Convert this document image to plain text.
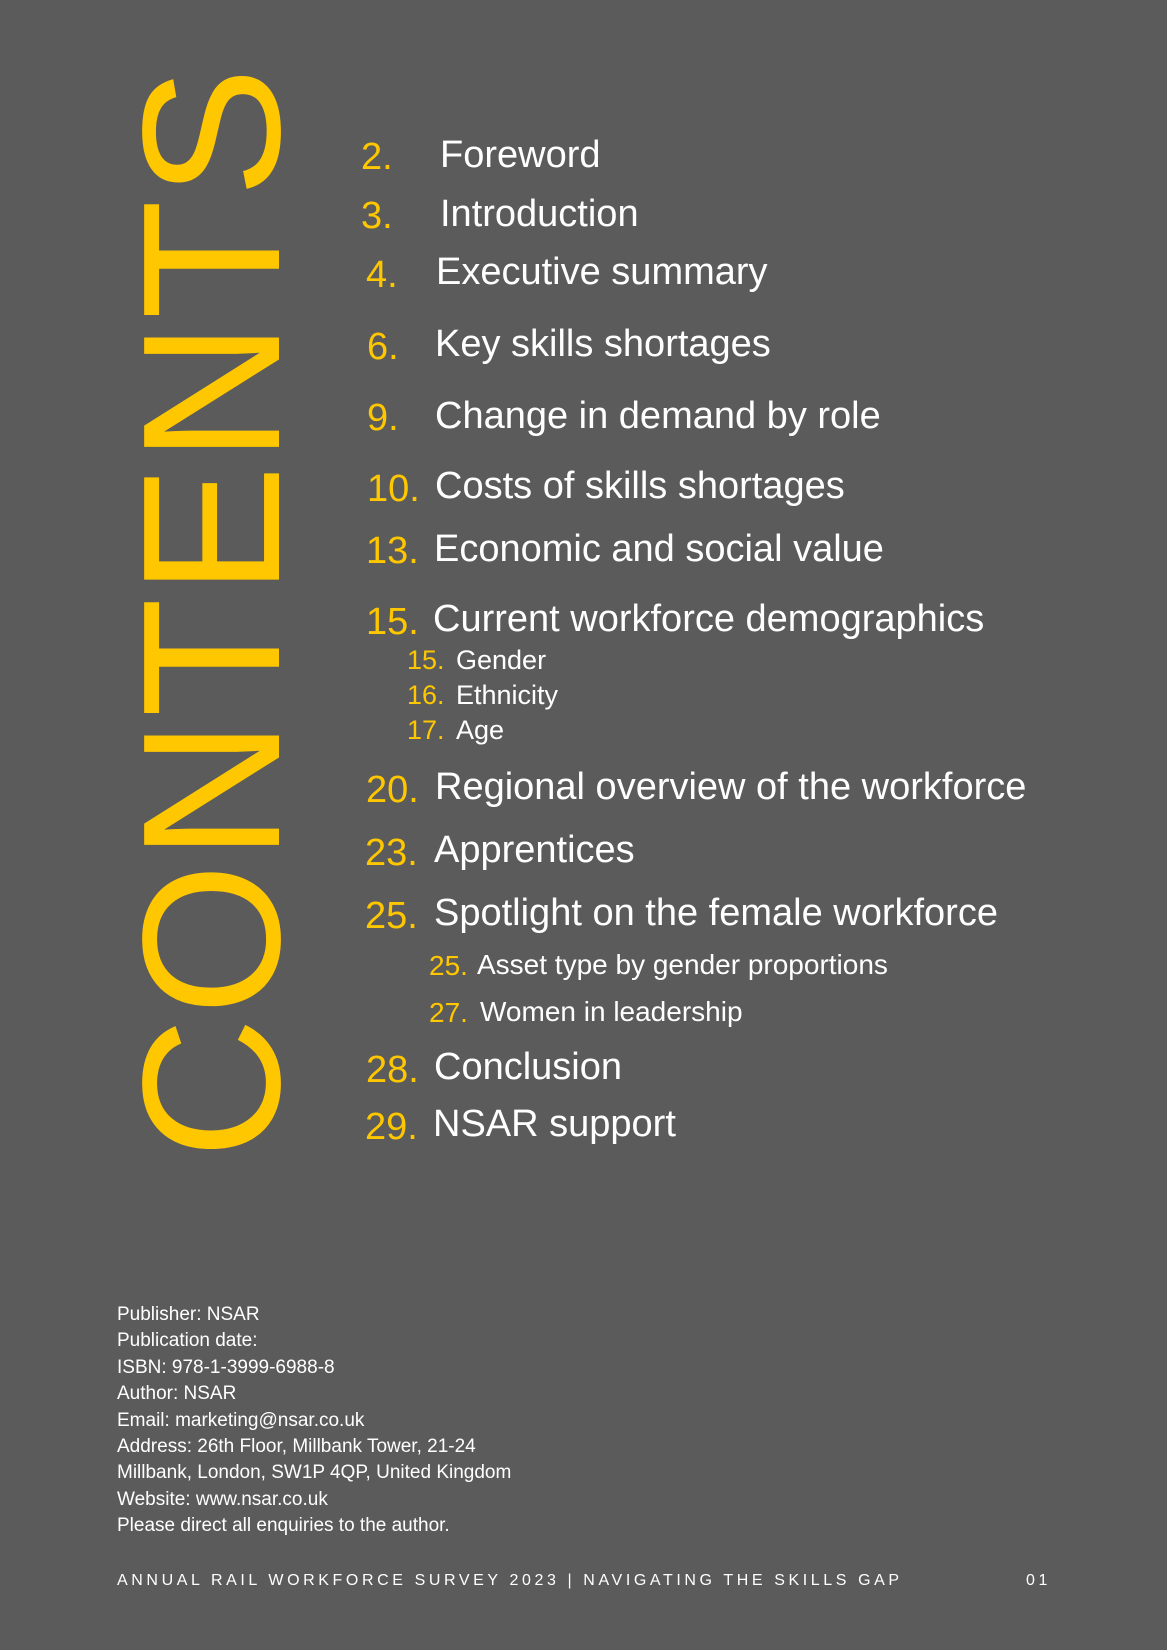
CONTENTS 2. Foreword
3. Introduction
4. Executive summary
6. Key skills shortages
9. Change in demand by role
10. Costs of skills shortages
13. Economic and social value
15. Current workforce demographics
15. Gender
16. Ethnicity
17. Age
20. Regional overview of the workforce
23. Apprentices
25. Spotlight on the female workforce
25. Asset type by gender proportions
27. Women in leadership
28. Conclusion
29. NSAR support
Publisher: NSAR
Publication date:
ISBN: 978-1-3999-6988-8
Author: NSAR
Email: marketing@nsar.co.uk
Address: 26th Floor, Millbank Tower, 21-24
Millbank, London, SW1P 4QP, United Kingdom
Website: www.nsar.co.uk
Please direct all enquiries to the author.
ANNUAL RAIL WORKFORCE SURVEY 2023 | NAVIGATING THE SKILLS GAP	01
